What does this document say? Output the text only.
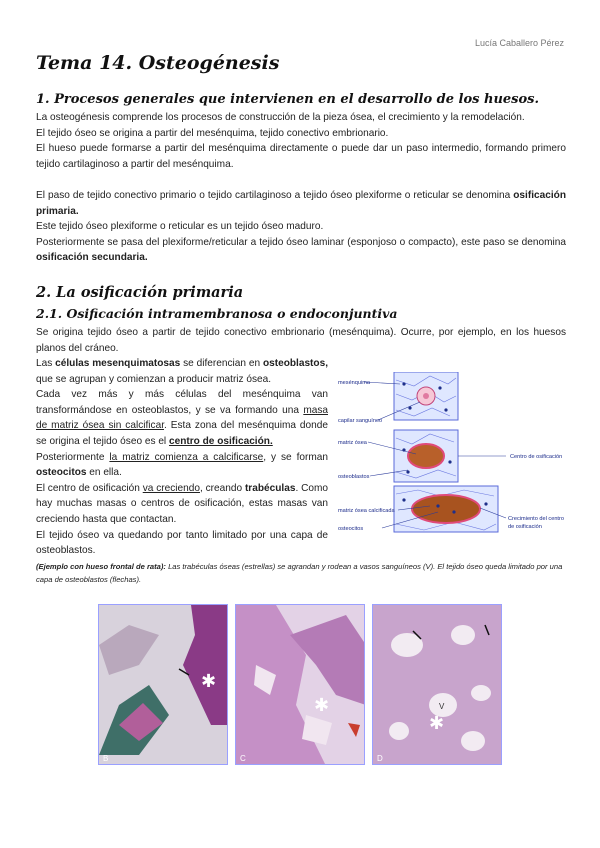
Lucía Caballero Pérez
Tema 14. Osteogénesis
1. Procesos generales que intervienen en el desarrollo de los huesos.

La osteogénesis comprende los procesos de construcción de la pieza ósea, el crecimiento y la remodelación.
El tejido óseo se origina a partir del mesénquima, tejido conectivo embrionario.

El hueso puede formarse a partir del mesénquima directamente o puede dar un paso intermedio, formando primero tejido cartilaginoso a partir del mesénquima.

El paso de tejido conectivo primario o tejido cartilaginoso a tejido óseo plexiforme o reticular se denomina osificación primaria.
Este tejido óseo plexiforme o reticular es un tejido óseo maduro.
Posteriormente se pasa del plexiforme/reticular a tejido óseo laminar (esponjoso o compacto), este paso se denomina osificación secundaria.

2. La osificación primaria
2.1. Osificación intramembranosa o endoconjuntiva

Se origina tejido óseo a partir de tejido conectivo embrionario (mesénquima). Ocurre, por ejemplo, en los huesos planos del cráneo.

Las células mesenquimatosas se diferencian en osteoblastos, que se agrupan y comienzan a producir matriz ósea.
Cada vez más y más células del mesénquima van transformándose en osteoblastos, y se va formando una masa de matriz ósea sin calcificar. Esta zona del mesénquima donde se origina el tejido óseo es el centro de osificación.
Posteriormente la matriz comienza a calcificarse, y se forman osteocitos en ella.
El centro de osificación va creciendo, creando trabéculas. Como hay muchas masas o centros de osificación, estas masas van creciendo hasta que contactan.
El tejido óseo va quedando por tanto limitado por una capa de osteoblastos.

mesénquima
capilar sanguíneo
matriz ósea
osteoblastos
Centro de osificación
matriz ósea calcificada
osteocitos
Crecimiento del centro
de osificación
(Ejemplo con hueso frontal de rata): Las trabéculas óseas (estrellas) se agrandan y rodean a vasos sanguíneos (V). El tejido óseo queda limitado por una capa de osteoblastos (flechas).
✱
B
✱
C
V
✱
D
